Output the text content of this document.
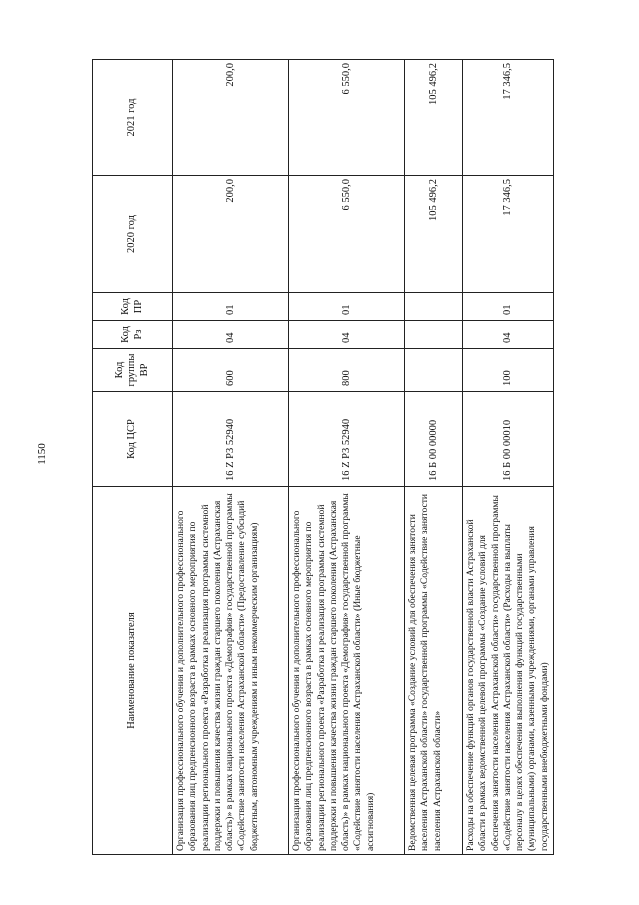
1150
Наименование показателя	Код ЦСР	Код группы ВР	Код Рз	Код ПР	2020 год	2021 год
Организация профессионального обучения и дополнительного профессионального образования лиц предпенсионного возраста в рамках основного мероприятия по реализации регионального проекта «Разработка и реализация программы системной поддержки и повышения качества жизни граждан старшего поколения (Астраханская область)» в рамках национального проекта «Демография» государственной программы «Содействие занятости населения Астраханской области» (Предоставление субсидий бюджетным, автономным учреждениям и иным некоммерческим организациям)	16 Z P3 52940	600	04	01	200,0	200,0
Организация профессионального обучения и дополнительного профессионального образования лиц предпенсионного возраста в рамках основного мероприятия по реализации регионального проекта «Разработка и реализация программы системной поддержки и повышения качества жизни граждан старшего поколения (Астраханская область)» в рамках национального проекта «Демография» государственной программы «Содействие занятости населения Астраханской области» (Иные бюджетные ассигнования)	16 Z P3 52940	800	04	01	6 550,0	6 550,0
Ведомственная целевая программа «Создание условий для обеспечения занятости населения Астраханской области» государственной программы «Содействие занятости населения Астраханской области»	16 Б 00 00000				105 496,2	105 496,2
Расходы на обеспечение функций органов государственной власти Астраханской области в рамках ведомственной целевой программы «Создание условий для обеспечения занятости населения Астраханской области» государственной программы «Содействие занятости населения Астраханской области» (Расходы на выплаты персоналу в целях обеспечения выполнения функций государственными (муниципальными) органами, казенными учреждениями, органами управления государственными внебюджетными фондами)	16 Б 00 00010	100	04	01	17 346,5	17 346,5
